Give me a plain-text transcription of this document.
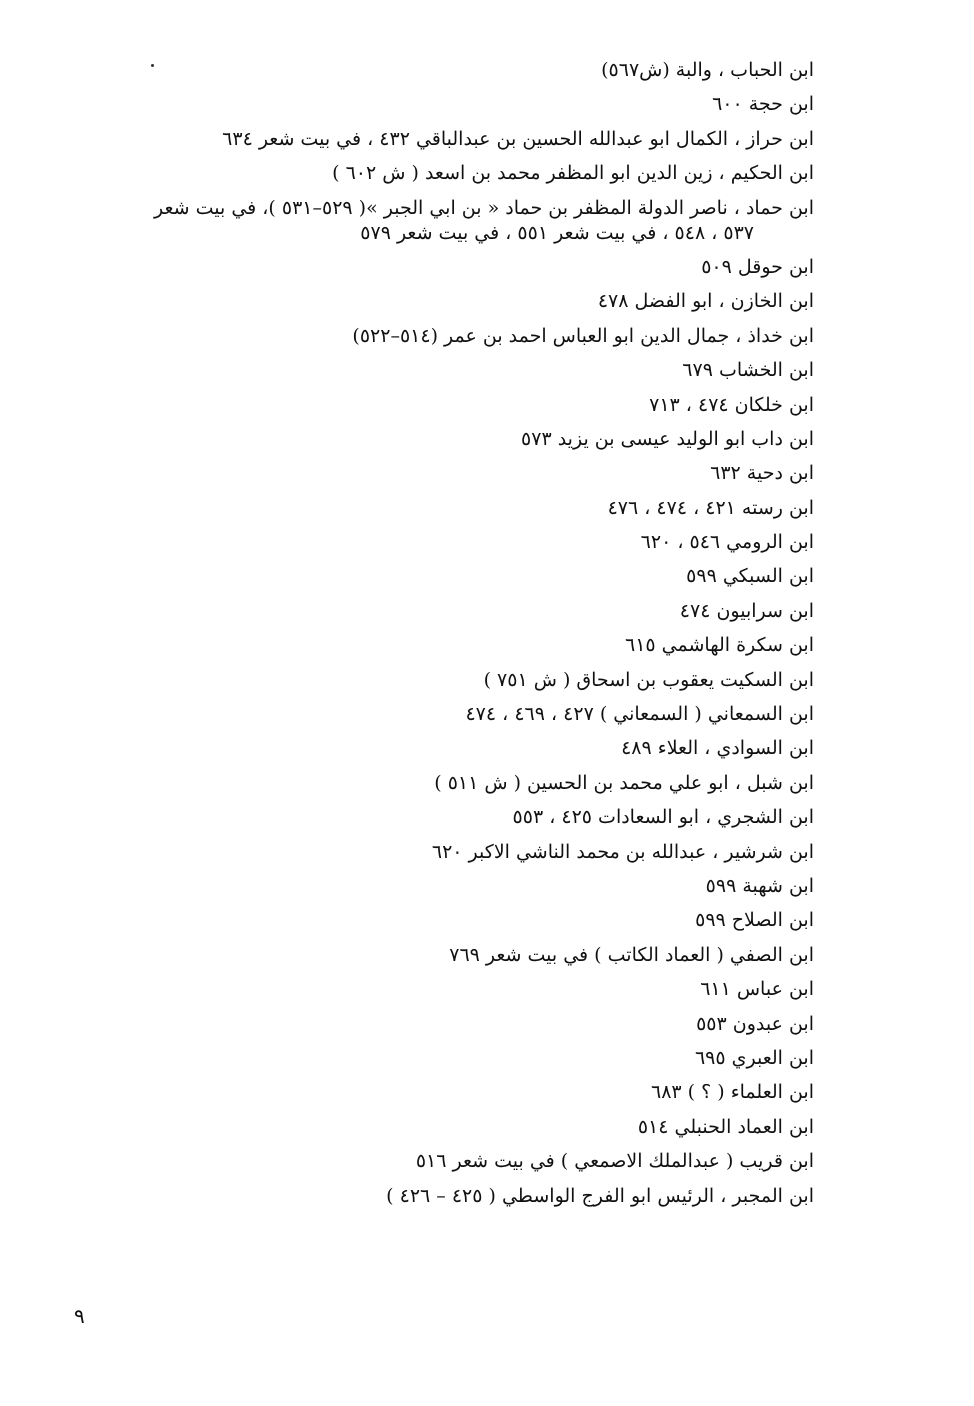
ابن الحباب ، والبة (ش٥٦٧)
ابن حجة ٦٠٠
ابن حراز ، الكمال ابو عبدالله الحسين بن عبدالباقي ٤٣٢ ، في بيت شعر ٦٣٤
ابن الحكيم ، زين الدين ابو المظفر محمد بن اسعد ( ش ٦٠٢ )
ابن حماد ، ناصر الدولة المظفر بن حماد « بن ابي الجبر »( ٥٢٩–٥٣١ )، في بيت شعر
٥٣٧ ، ٥٤٨ ، في بيت شعر ٥٥١ ، في بيت شعر ٥٧٩
ابن حوقل ٥٠٩
ابن الخازن ، ابو الفضل ٤٧٨
ابن خداذ ، جمال الدين ابو العباس احمد بن عمر (٥١٤–٥٢٢)
ابن الخشاب ٦٧٩
ابن خلكان ٤٧٤ ، ٧١٣
ابن داب ابو الوليد عيسى بن يزيد ٥٧٣
ابن دحية ٦٣٢
ابن رسته ٤٢١ ، ٤٧٤ ، ٤٧٦
ابن الرومي ٥٤٦ ، ٦٢٠
ابن السبكي ٥٩٩
ابن سرابيون ٤٧٤
ابن سكرة الهاشمي ٦١٥
ابن السكيت يعقوب بن اسحاق ( ش ٧٥١ )
ابن السمعاني ( السمعاني ) ٤٢٧ ، ٤٦٩ ، ٤٧٤
ابن السوادي ، العلاء ٤٨٩
ابن شبل ، ابو علي محمد بن الحسين ( ش ٥١١ )
ابن الشجري ، ابو السعادات ٤٢٥ ، ٥٥٣
ابن شرشير ، عبدالله بن محمد الناشي الاكبر ٦٢٠
ابن شهبة ٥٩٩
ابن الصلاح ٥٩٩
ابن الصفي ( العماد الكاتب ) في بيت شعر ٧٦٩
ابن عباس ٦١١
ابن عبدون ٥٥٣
ابن العبري ٦٩٥
ابن العلماء ( ؟ ) ٦٨٣
ابن العماد الحنبلي ٥١٤
ابن قريب ( عبدالملك الاصمعي ) في بيت شعر ٥١٦
ابن المجبر ، الرئيس ابو الفرج الواسطي ( ٤٢٥ – ٤٢٦ )
٩
